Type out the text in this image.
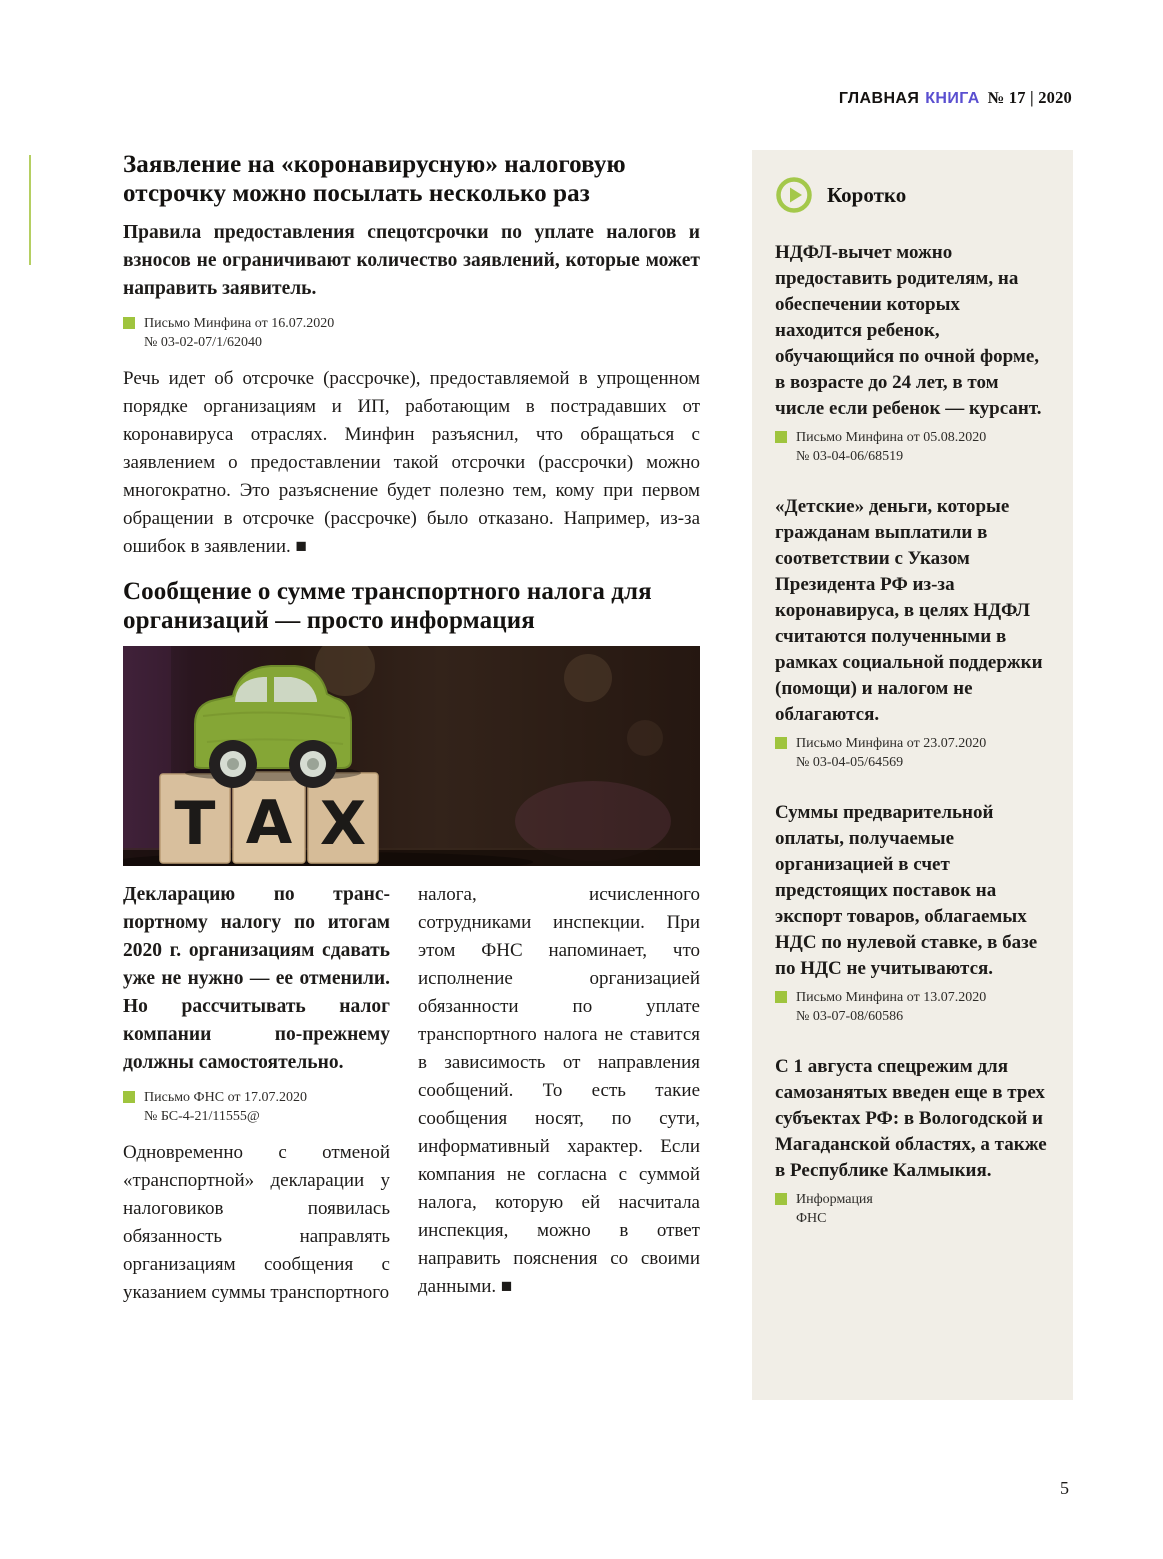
ГЛАВНАЯ КНИГА № 17 | 2020
Заявление на «коронавирусную» налоговую отсрочку можно посылать несколько раз

Правила предоставления спецотсрочки по уплате налогов и взносов не ограничивают количество заявлений, которые может направить заявитель.

Письмо Минфина от 16.07.2020
№ 03-02-07/1/62040

Речь идет об отсрочке (рассрочке), предоставляемой в упрощенном порядке организациям и ИП, работающим в пострадавших от коронавируса отраслях. Минфин разъяснил, что обращаться с заявлением о предоставлении такой отсрочки (рассрочки) можно многократно. Это разъяснение будет полезно тем, кому при первом обращении в отсрочке (рассрочке) было отказано. Например, из-за ошибок в заявлении. ■

Сообщение о сумме транспортного налога для организаций — просто информация
T A X

Декларацию по транспортному налогу по итогам 2020 г. организациям сдавать уже не нужно — ее отменили. Но рассчитывать налог компании по-прежнему должны самостоятельно.

Письмо ФНС от 17.07.2020
№ БС-4-21/11555@

Одновременно с отменой «транспортной» декларации у налоговиков появилась обязанность направлять организациям сообщения с указанием суммы транспортного

налога, исчисленного сотрудниками инспекции. При этом ФНС напоминает, что исполнение организацией обязанности по уплате транспортного налога не ставится в зависимость от направления сообщений. То есть такие сообщения носят, по сути, информативный характер. Если компания не согласна с суммой налога, которую ей насчитала инспекция, можно в ответ направить пояснения со своими данными. ■

Коротко

НДФЛ-вычет можно предоставить родителям, на обеспечении которых находится ребенок, обучающийся по очной форме, в возрасте до 24 лет, в том числе если ребенок — курсант.

Письмо Минфина от 05.08.2020
№ 03-04-06/68519

«Детские» деньги, которые гражданам выплатили в соответствии с Указом Президента РФ из-за коронавируса, в целях НДФЛ считаются полученными в рамках социальной поддержки (помощи) и налогом не облагаются.

Письмо Минфина от 23.07.2020
№ 03-04-05/64569

Суммы предварительной оплаты, получаемые организацией в счет предстоящих поставок на экспорт товаров, облагаемых НДС по нулевой ставке, в базе по НДС не учитываются.

Письмо Минфина от 13.07.2020
№ 03-07-08/60586

С 1 августа спецрежим для самозанятых введен еще в трех субъектах РФ: в Вологодской и Магаданской областях, а также в Республике Калмыкия.

Информация
ФНС
5
